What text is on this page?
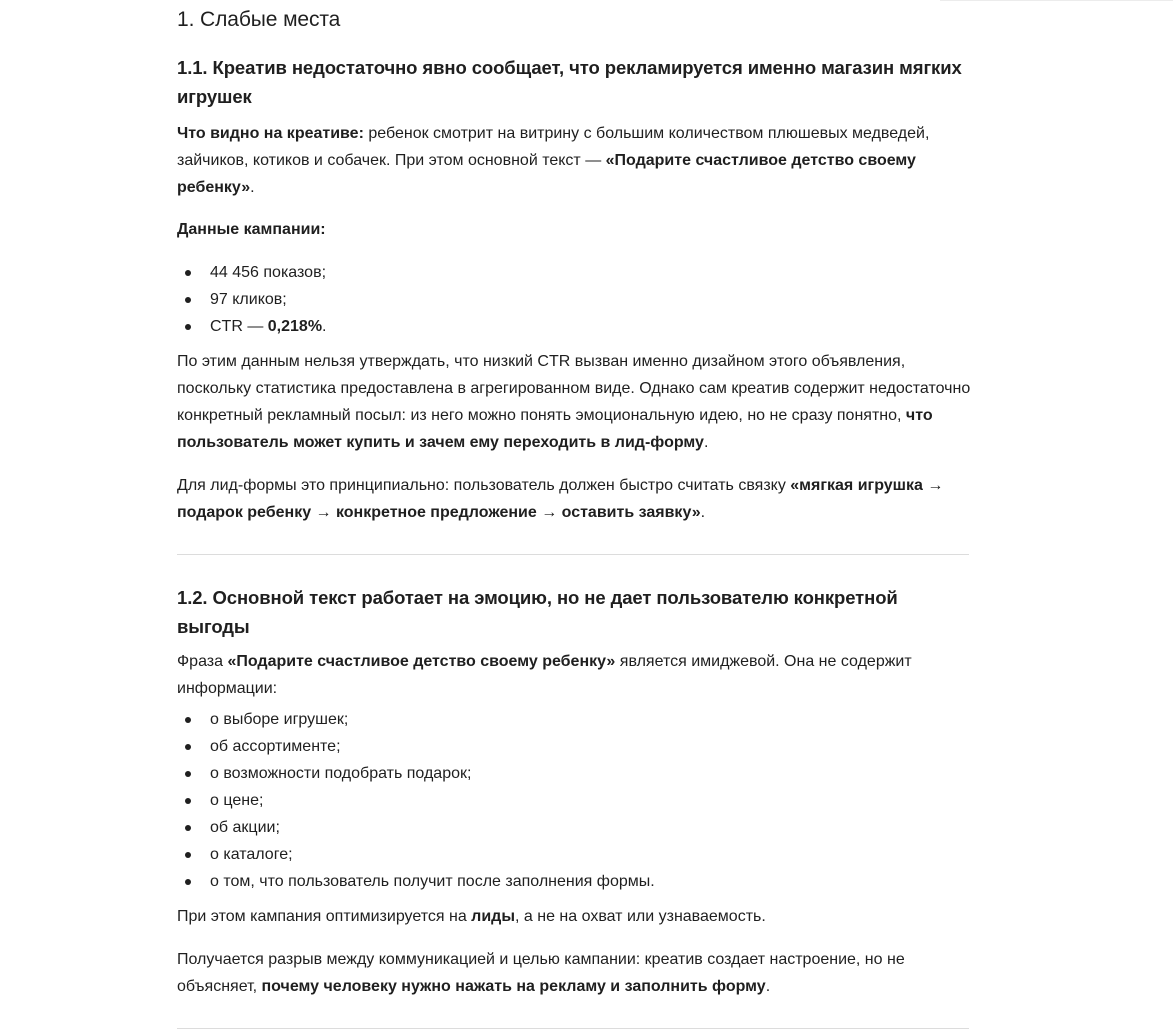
1. Слабые места
1.1. Креатив недостаточно явно сообщает, что рекламируется именно магазин мягких игрушек

Что видно на креативе: ребенок смотрит на витрину с большим количеством плюшевых медведей, зайчиков, котиков и собачек. При этом основной текст — «Подарите счастливое детство своему ребенку».

Данные кампании:

44 456 показов;
97 кликов;
CTR — 0,218%.

По этим данным нельзя утверждать, что низкий CTR вызван именно дизайном этого объявления, поскольку статистика предоставлена в агрегированном виде. Однако сам креатив содержит недостаточно конкретный рекламный посыл: из него можно понять эмоциональную идею, но не сразу понятно, что пользователь может купить и зачем ему переходить в лид-форму.

Для лид-формы это принципиально: пользователь должен быстро считать связку «мягкая игрушка → подарок ребенку → конкретное предложение → оставить заявку».

1.2. Основной текст работает на эмоцию, но не дает пользователю конкретной выгоды

Фраза «Подарите счастливое детство своему ребенку» является имиджевой. Она не содержит информации:

о выборе игрушек;
об ассортименте;
о возможности подобрать подарок;
о цене;
об акции;
о каталоге;
о том, что пользователь получит после заполнения формы.

При этом кампания оптимизируется на лиды, а не на охват или узнаваемость.

Получается разрыв между коммуникацией и целью кампании: креатив создает настроение, но не объясняет, почему человеку нужно нажать на рекламу и заполнить форму.
